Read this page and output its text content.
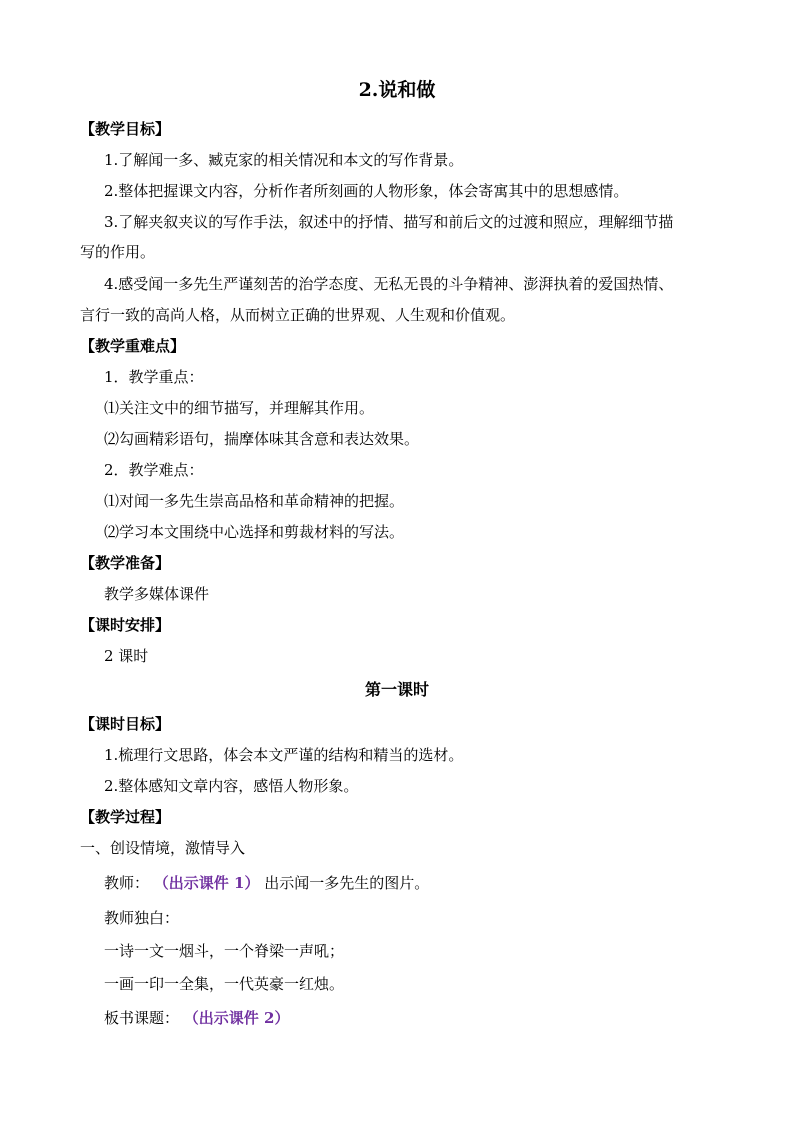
2.说和做
【教学目标】
1.了解闻一多、臧克家的相关情况和本文的写作背景。
2.整体把握课文内容，分析作者所刻画的人物形象，体会寄寓其中的思想感情。
3.了解夹叙夹议的写作手法，叙述中的抒情、描写和前后文的过渡和照应，理解细节描
写的作用。
4.感受闻一多先生严谨刻苦的治学态度、无私无畏的斗争精神、澎湃执着的爱国热情、
言行一致的高尚人格，从而树立正确的世界观、人生观和价值观。
【教学重难点】
1．教学重点：
⑴关注文中的细节描写，并理解其作用。
⑵勾画精彩语句，揣摩体味其含意和表达效果。
2．教学难点：
⑴对闻一多先生崇高品格和革命精神的把握。
⑵学习本文围绕中心选择和剪裁材料的写法。
【教学准备】
教学多媒体课件
【课时安排】
2 课时
第一课时
【课时目标】
1.梳理行文思路，体会本文严谨的结构和精当的选材。
2.整体感知文章内容，感悟人物形象。
【教学过程】
一、创设情境，激情导入
教师： （出示课件 1） 出示闻一多先生的图片。
教师独白：
一诗一文一烟斗，一个脊梁一声吼；
一画一印一全集，一代英豪一红烛。
板书课题： （出示课件 2）
